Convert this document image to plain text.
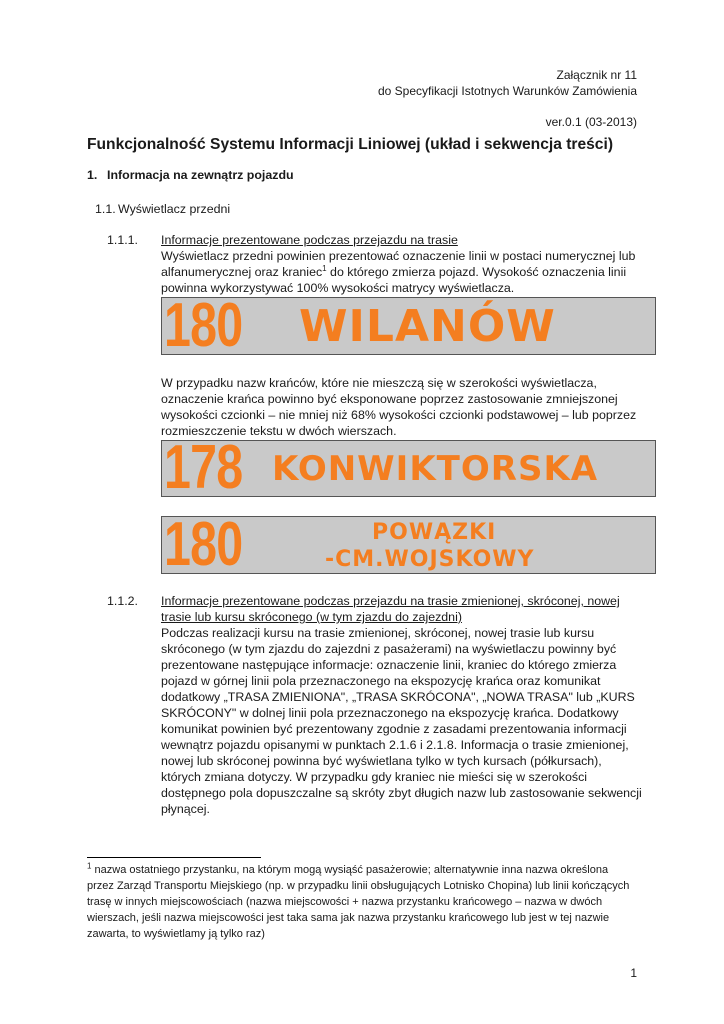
Załącznik nr 11
do Specyfikacji Istotnych Warunków Zamówienia
ver.0.1 (03-2013)
Funkcjonalność Systemu Informacji Liniowej (układ i sekwencja treści)
1. Informacja na zewnątrz pojazdu
1.1. Wyświetlacz przedni
1.1.1. Informacje prezentowane podczas przejazdu na trasie
Wyświetlacz przedni powinien prezentować oznaczenie linii w postaci numerycznej lub
alfanumerycznej oraz kraniec$^1$ do którego zmierza pojazd. Wysokość oznaczenia linii
powinna wykorzystywać 100% wysokości matrycy wyświetlacza.
180 WILANÓW
W przypadku nazw krańców, które nie mieszczą się w szerokości wyświetlacza,
oznaczenie krańca powinno być eksponowane poprzez zastosowanie zmniejszonej
wysokości czcionki – nie mniej niż 68% wysokości czcionki podstawowej – lub poprzez
rozmieszczenie tekstu w dwóch wierszach.
178 KONWIKTORSKA
180	POWĄZKI
-CM.WOJSKOWY
1.1.2. Informacje prezentowane podczas przejazdu na trasie zmienionej, skróconej, nowej
trasie lub kursu skróconego (w tym zjazdu do zajezdni)
Podczas realizacji kursu na trasie zmienionej, skróconej, nowej trasie lub kursu
skróconego (w tym zjazdu do zajezdni z pasażerami) na wyświetlaczu powinny być
prezentowane następujące informacje: oznaczenie linii, kraniec do którego zmierza
pojazd w górnej linii pola przeznaczonego na ekspozycję krańca oraz komunikat
dodatkowy „TRASA ZMIENIONA", „TRASA SKRÓCONA", „NOWA TRASA" lub „KURS
SKRÓCONY" w dolnej linii pola przeznaczonego na ekspozycję krańca. Dodatkowy
komunikat powinien być prezentowany zgodnie z zasadami prezentowania informacji
wewnątrz pojazdu opisanymi w punktach 2.1.6 i 2.1.8. Informacja o trasie zmienionej,
nowej lub skróconej powinna być wyświetlana tylko w tych kursach (półkursach),
których zmiana dotyczy. W przypadku gdy kraniec nie mieści się w szerokości
dostępnego pola dopuszczalne są skróty zbyt długich nazw lub zastosowanie sekwencji
płynącej.
$^1$ nazwa ostatniego przystanku, na którym mogą wysiąść pasażerowie; alternatywnie inna nazwa określona
przez Zarząd Transportu Miejskiego (np. w przypadku linii obsługujących Lotnisko Chopina) lub linii kończących
trasę w innych miejscowościach (nazwa miejscowości + nazwa przystanku krańcowego – nazwa w dwóch
wierszach, jeśli nazwa miejscowości jest taka sama jak nazwa przystanku krańcowego lub jest w tej nazwie
zawarta, to wyświetlamy ją tylko raz)
1
